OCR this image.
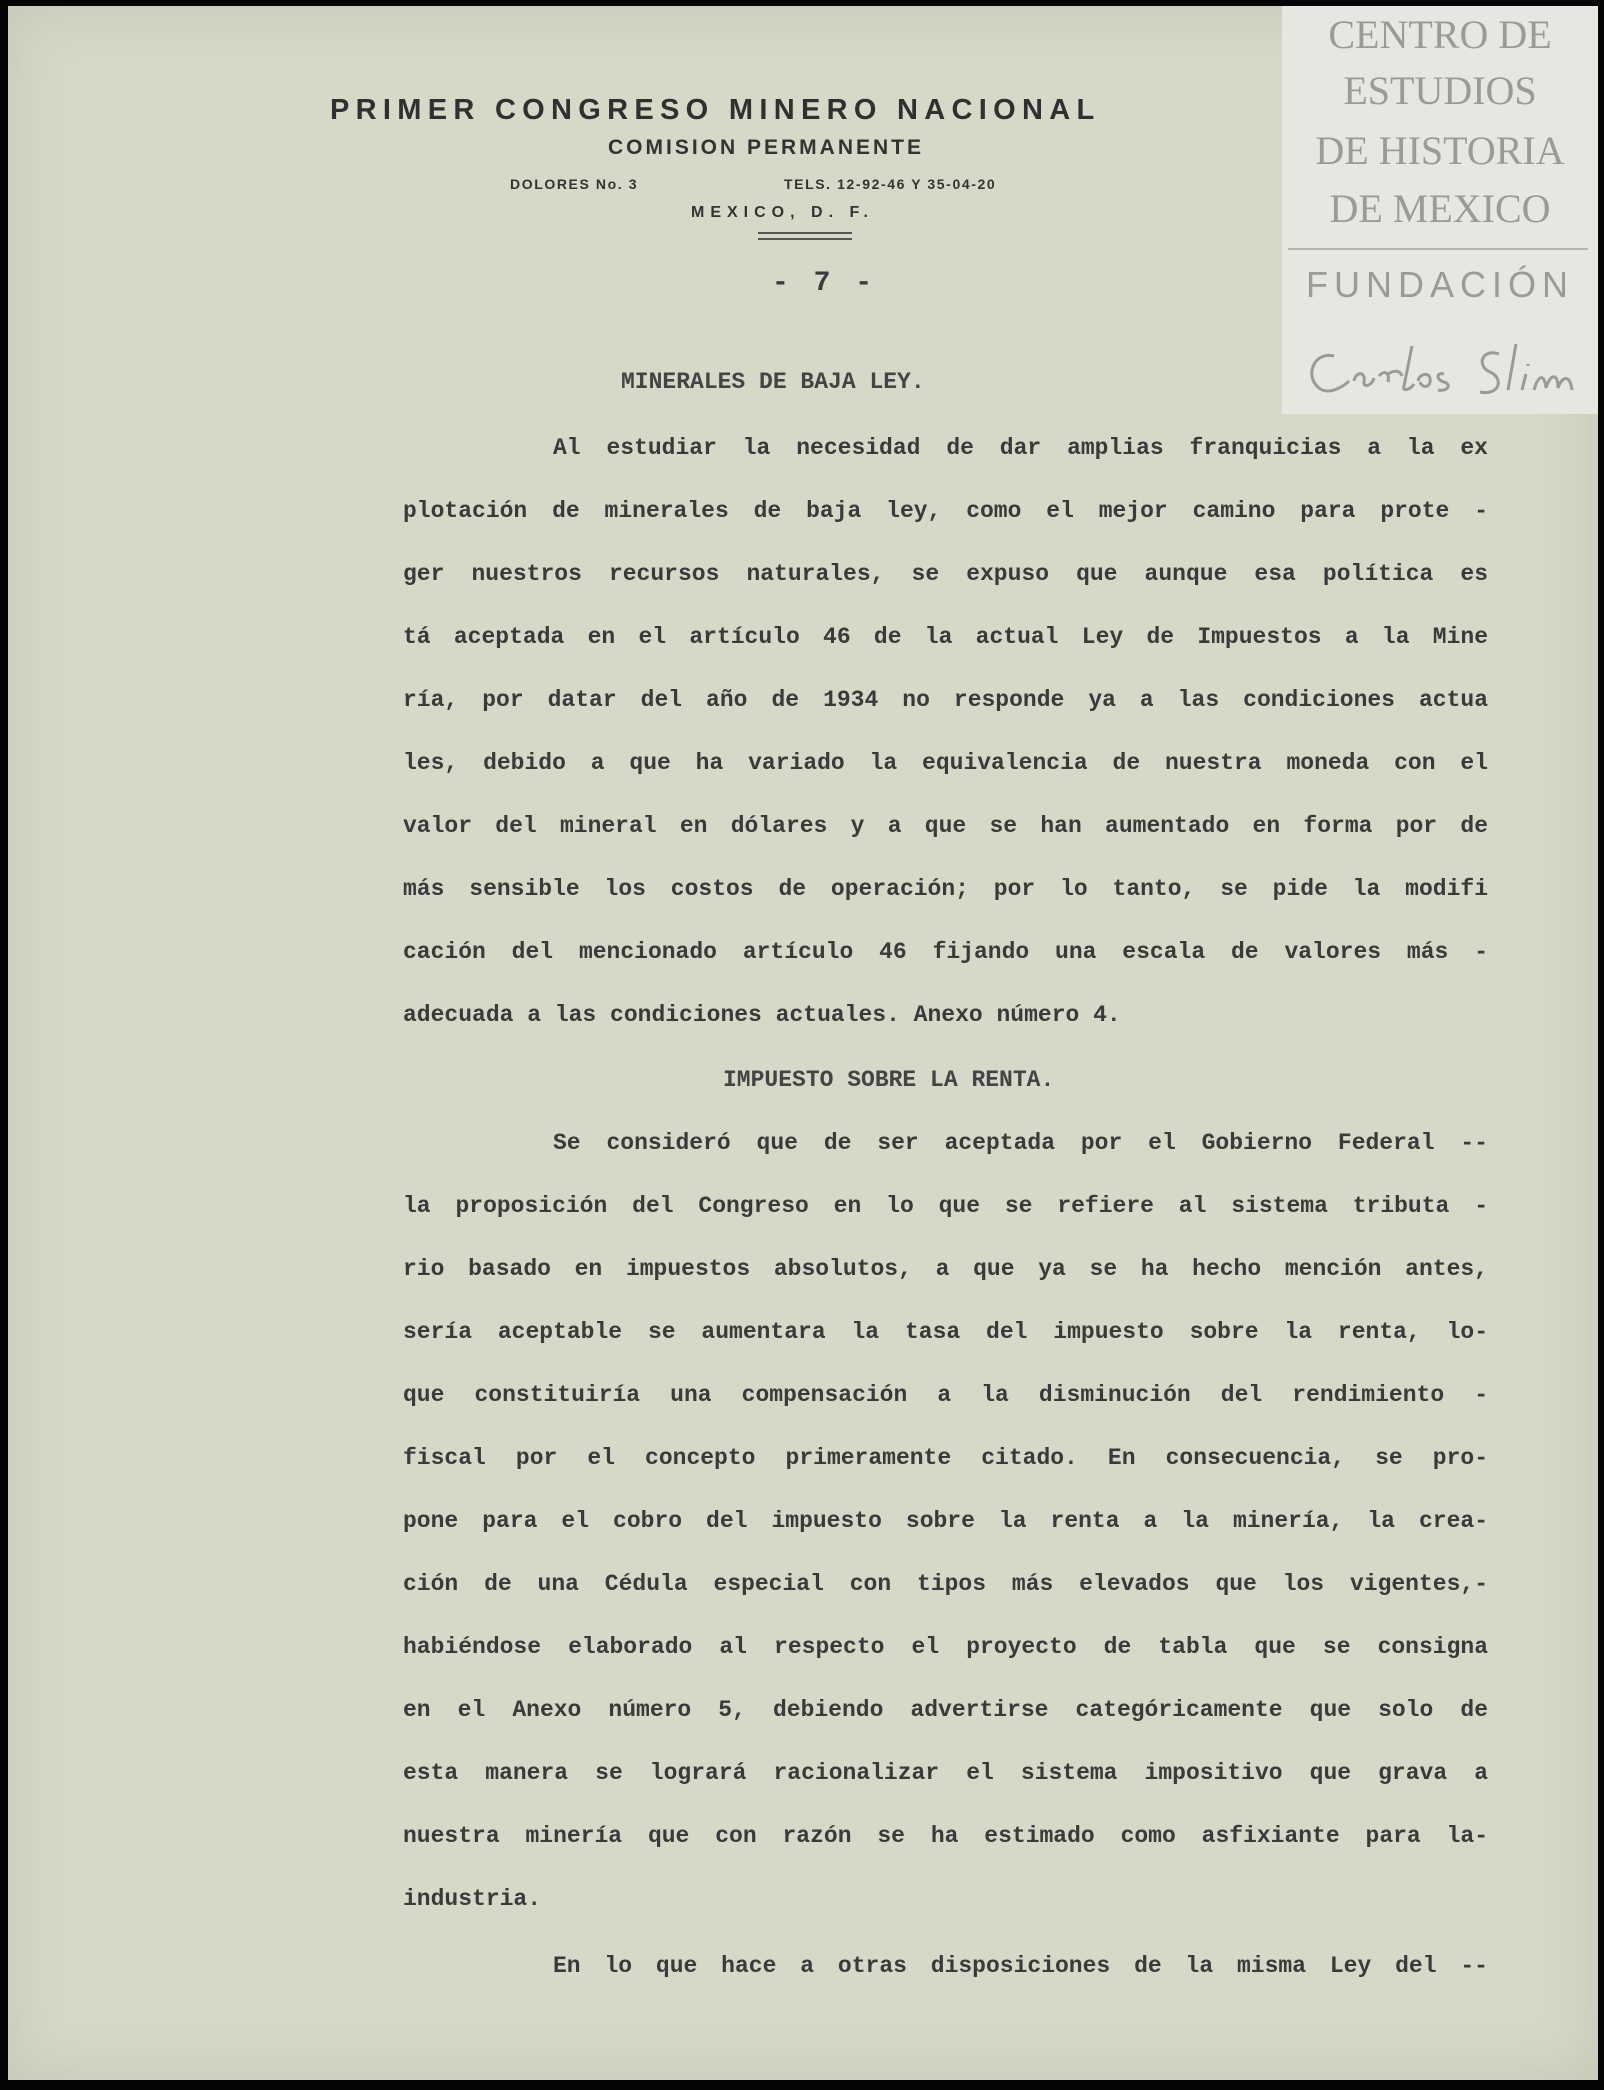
PRIMER CONGRESO MINERO NACIONAL
COMISION PERMANENTE
DOLORES No. 3	TELS. 12-92-46 Y 35-04-20
MEXICO, D. F.
- 7 -
CENTRO DE
ESTUDIOS
DE HISTORIA
DE MEXICO
FUNDACIÓN
MINERALES DE BAJA LEY.
Al estudiar la necesidad de dar amplias franquicias a la ex
plotación de minerales de baja ley, como el mejor camino para prote -
ger nuestros recursos naturales, se expuso que aunque esa política es
tá aceptada en el artículo 46 de la actual Ley de Impuestos a la Mine
ría, por datar del año de 1934 no responde ya a las condiciones actua
les, debido a que ha variado la equivalencia de nuestra moneda con el
valor del mineral en dólares y a que se han aumentado en forma por de
más sensible los costos de operación; por lo tanto, se pide la modifi
cación del mencionado artículo 46 fijando una escala de valores más -
adecuada a las condiciones actuales. Anexo número 4.
IMPUESTO SOBRE LA RENTA.
Se consideró que de ser aceptada por el Gobierno Federal --
la proposición del Congreso en lo que se refiere al sistema tributa -
rio basado en impuestos absolutos, a que ya se ha hecho mención antes,
sería aceptable se aumentara la tasa del impuesto sobre la renta, lo-
que constituiría una compensación a la disminución del rendimiento -
fiscal por el concepto primeramente citado. En consecuencia, se pro-
pone para el cobro del impuesto sobre la renta a la minería, la crea-
ción de una Cédula especial con tipos más elevados que los vigentes,-
habiéndose elaborado al respecto el proyecto de tabla que se consigna
en el Anexo número 5, debiendo advertirse categóricamente que solo de
esta manera se logrará racionalizar el sistema impositivo que grava a
nuestra minería que con razón se ha estimado como asfixiante para la-
industria.
En lo que hace a otras disposiciones de la misma Ley del --
